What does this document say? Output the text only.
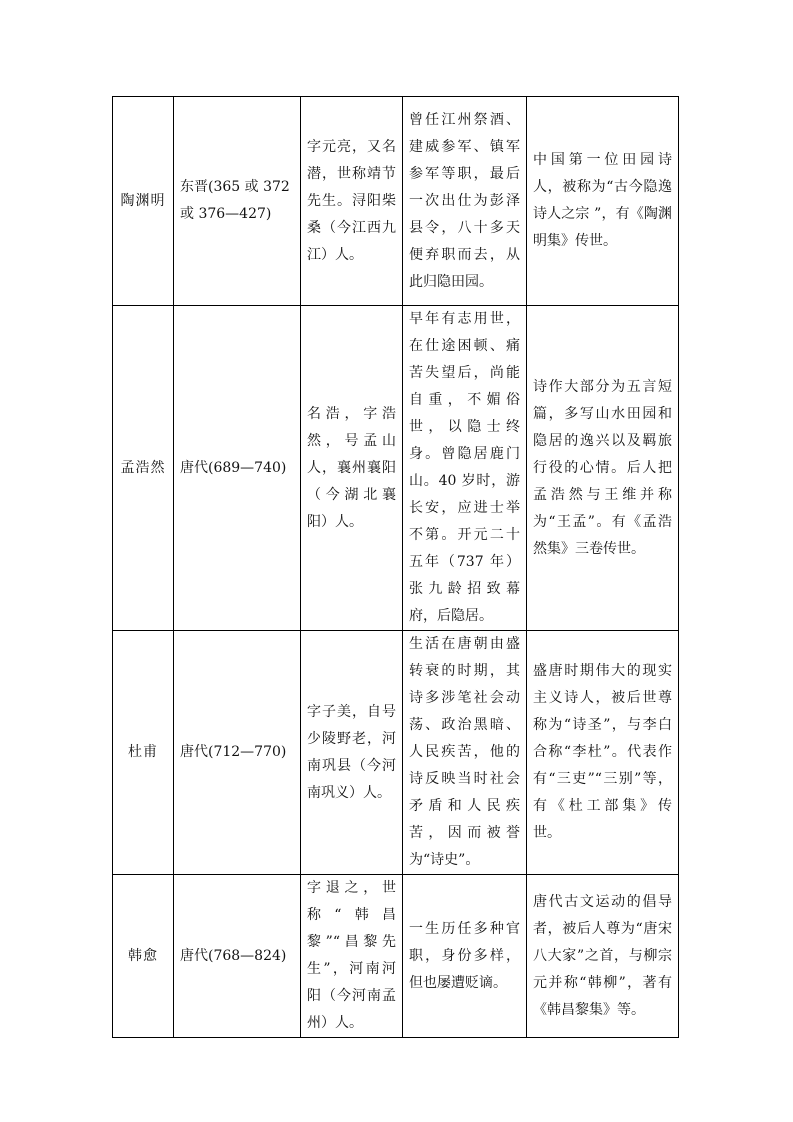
陶渊明	东晋(365 或 372 或 376—427)	字元亮，又名潜，世称靖节先生。浔阳柴桑（今江西九江）人。	曾任江州祭酒、建威参军、镇军参军等职，最后一次出仕为彭泽县令，八十多天便弃职而去，从此归隐田园。	中国第一位田园诗人，被称为“古今隐逸诗人之宗 ”，有《陶渊明集》传世。
孟浩然	唐代(689—740)	名浩，字浩然，号孟山人，襄州襄阳（今湖北襄阳）人。	早年有志用世，在仕途困顿、痛苦失望后，尚能自重，不媚俗世，以隐士终身。曾隐居鹿门山。40 岁时，游长安，应进士举不第。开元二十五年（737 年）张九龄招致幕府，后隐居。	诗作大部分为五言短篇，多写山水田园和隐居的逸兴以及羁旅行役的心情。后人把孟浩然与王维并称为“王孟”。有《孟浩然集》三卷传世。
杜甫	唐代(712—770)	字子美，自号少陵野老，河南巩县（今河南巩义）人。	生活在唐朝由盛转衰的时期，其诗多涉笔社会动荡、政治黑暗、人民疾苦，他的诗反映当时社会矛盾和人民疾苦，因而被誉为“诗史”。	盛唐时期伟大的现实主义诗人，被后世尊称为“诗圣”，与李白合称“李杜”。代表作有“三吏”“三别”等，有《杜工部集》传世。
韩愈	唐代(768—824)	字退之，世称“韩昌黎”“昌黎先生”，河南河阳（今河南孟州）人。	一生历任多种官职，身份多样，但也屡遭贬谪。	唐代古文运动的倡导者，被后人尊为“唐宋八大家”之首，与柳宗元并称“韩柳”，著有《韩昌黎集》等。
